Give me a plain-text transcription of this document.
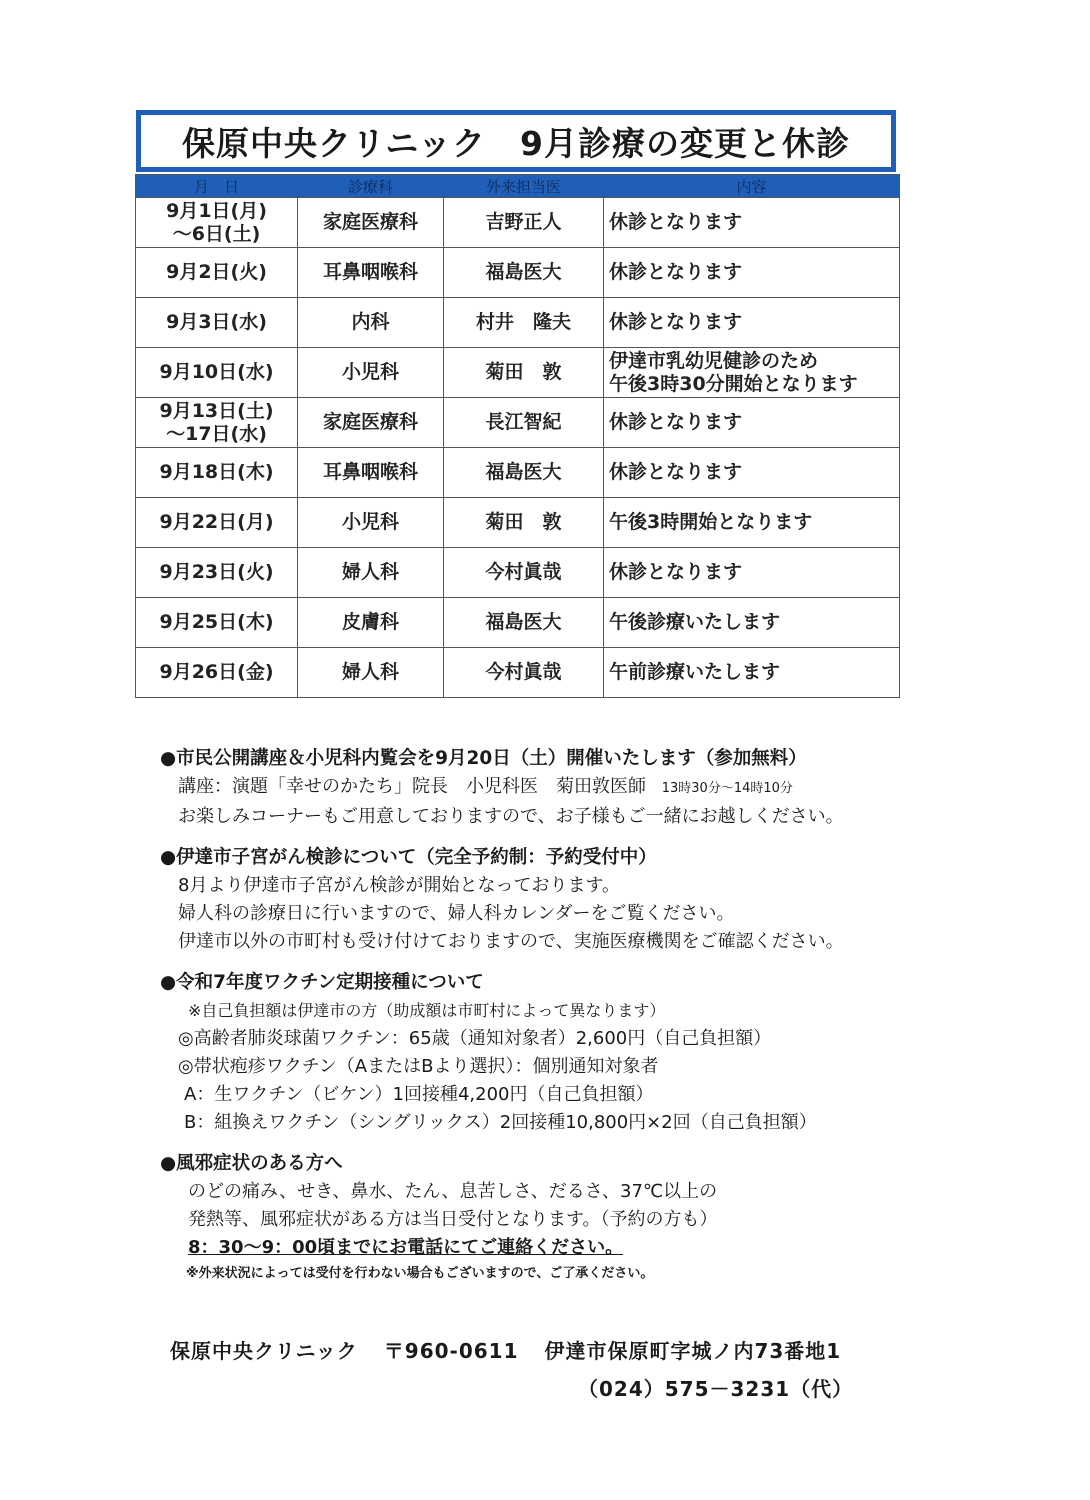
保原中央クリニック　9月診療の変更と休診
月　日	診療科	外来担当医	内容
9月1日(月)
～6日(土)	家庭医療科	吉野正人	休診となります
9月2日(火)	耳鼻咽喉科	福島医大	休診となります
9月3日(水)	内科	村井　隆夫	休診となります
9月10日(水)	小児科	菊田　敦	伊達市乳幼児健診のため
午後3時30分開始となります
9月13日(土)
～17日(水)	家庭医療科	長江智紀	休診となります
9月18日(木)	耳鼻咽喉科	福島医大	休診となります
9月22日(月)	小児科	菊田　敦	午後3時開始となります
9月23日(火)	婦人科	今村眞哉	休診となります
9月25日(木)	皮膚科	福島医大	午後診療いたします
9月26日(金)	婦人科	今村眞哉	午前診療いたします
●市民公開講座＆小児科内覧会を9月20日（土）開催いたします（参加無料）
講座：演題「幸せのかたち」院長　小児科医　菊田敦医師 13時30分～14時10分
お楽しみコーナーもご用意しておりますので、お子様もご一緒にお越しください。
●伊達市子宮がん検診について（完全予約制：予約受付中）
8月より伊達市子宮がん検診が開始となっております。
婦人科の診療日に行いますので、婦人科カレンダーをご覧ください。
伊達市以外の市町村も受け付けておりますので、実施医療機関をご確認ください。
●令和7年度ワクチン定期接種について
※自己負担額は伊達市の方（助成額は市町村によって異なります）
◎高齢者肺炎球菌ワクチン：65歳（通知対象者）2,600円（自己負担額）
◎帯状疱疹ワクチン（AまたはBより選択）：個別通知対象者
A：生ワクチン（ビケン）1回接種4,200円（自己負担額）
B：組換えワクチン（シングリックス）2回接種10,800円×2回（自己負担額）
●風邪症状のある方へ
のどの痛み、せき、鼻水、たん、息苦しさ、だるさ、37℃以上の
発熱等、風邪症状がある方は当日受付となります。（予約の方も）
8：30～9：00頃までにお電話にてご連絡ください。
※外来状況によっては受付を行わない場合もございますので、ご了承ください。
保原中央クリニック 〒960-0611 伊達市保原町字城ノ内73番地1
（024）575－3231（代）
